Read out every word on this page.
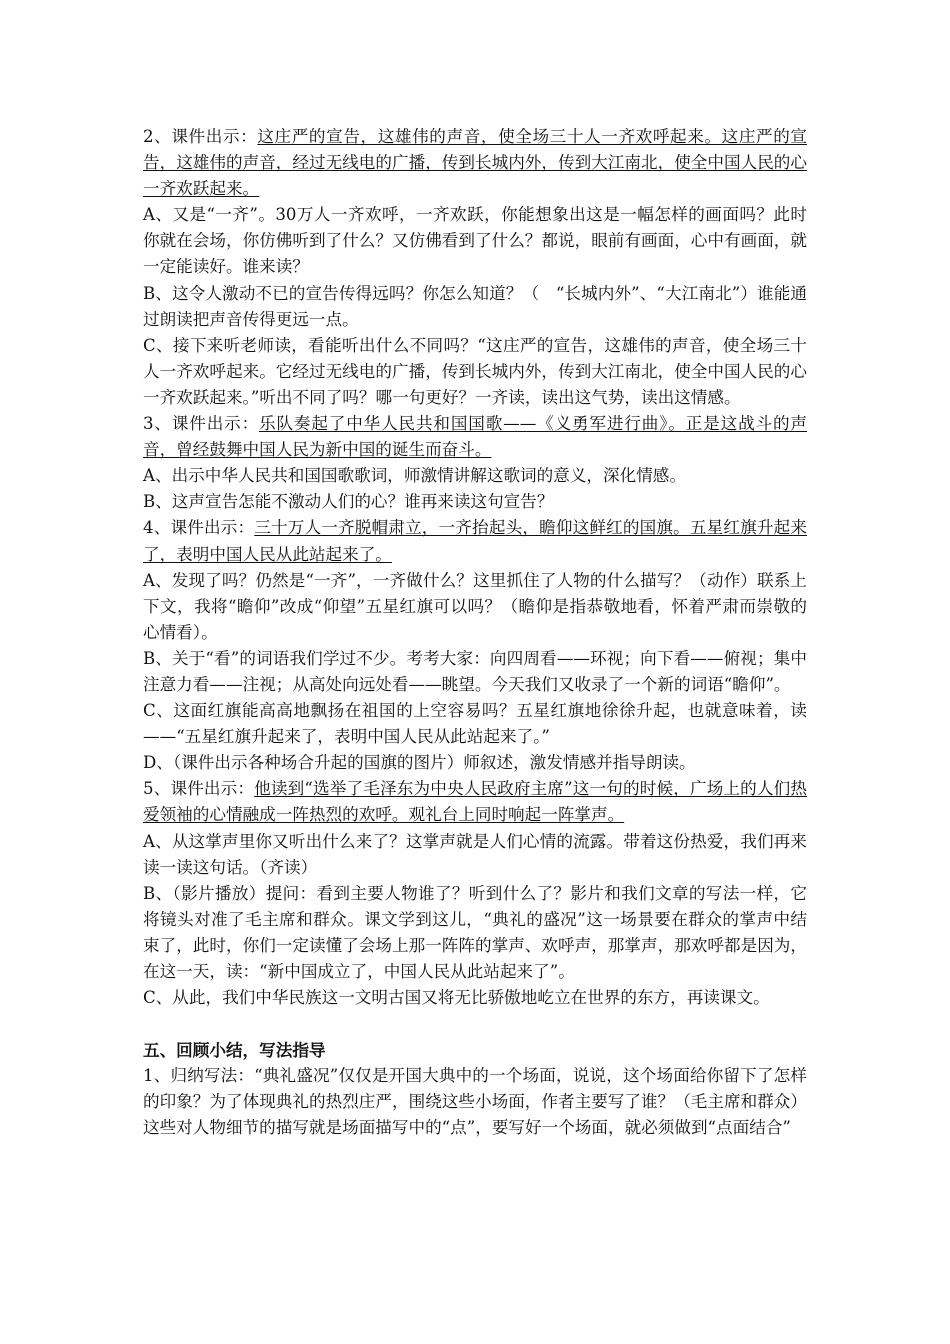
2、课件出示：这庄严的宣告，这雄伟的声音，使全场三十人一齐欢呼起来。这庄严的宣告，这雄伟的声音，经过无线电的广播，传到长城内外，传到大江南北，使全中国人民的心一齐欢跃起来。

A、又是“一齐”。30万人一齐欢呼，一齐欢跃，你能想象出这是一幅怎样的画面吗？此时你就在会场，你仿佛听到了什么？又仿佛看到了什么？都说，眼前有画面，心中有画面，就一定能读好。谁来读？

B、这令人激动不已的宣告传得远吗？你怎么知道？（　“长城内外”、“大江南北”）谁能通过朗读把声音传得更远一点。

C、接下来听老师读，看能听出什么不同吗？“这庄严的宣告，这雄伟的声音，使全场三十人一齐欢呼起来。它经过无线电的广播，传到长城内外，传到大江南北，使全中国人民的心一齐欢跃起来。”听出不同了吗？哪一句更好？一齐读，读出这气势，读出这情感。

3、课件出示：乐队奏起了中华人民共和国国歌——《义勇军进行曲》。正是这战斗的声音，曾经鼓舞中国人民为新中国的诞生而奋斗。

A、出示中华人民共和国国歌歌词，师激情讲解这歌词的意义，深化情感。

B、这声宣告怎能不激动人们的心？谁再来读这句宣告？

4、课件出示：三十万人一齐脱帽肃立，一齐抬起头，瞻仰这鲜红的国旗。五星红旗升起来了，表明中国人民从此站起来了。

A、发现了吗？仍然是“一齐”，一齐做什么？这里抓住了人物的什么描写？（动作）联系上下文，我将“瞻仰”改成“仰望”五星红旗可以吗？（瞻仰是指恭敬地看，怀着严肃而崇敬的心情看）。

B、关于“看”的词语我们学过不少。考考大家：向四周看——环视；向下看——俯视；集中注意力看——注视；从高处向远处看——眺望。今天我们又收录了一个新的词语“瞻仰”。

C、这面红旗能高高地飘扬在祖国的上空容易吗？五星红旗地徐徐升起，也就意味着，读——“五星红旗升起来了，表明中国人民从此站起来了。”

D、（课件出示各种场合升起的国旗的图片）师叙述，激发情感并指导朗读。

5、课件出示：他读到“选举了毛泽东为中央人民政府主席”这一句的时候，广场上的人们热爱领袖的心情融成一阵热烈的欢呼。观礼台上同时响起一阵掌声。

A、从这掌声里你又听出什么来了？这掌声就是人们心情的流露。带着这份热爱，我们再来读一读这句话。（齐读）

B、（影片播放）提问：看到主要人物谁了？听到什么了？影片和我们文章的写法一样，它将镜头对准了毛主席和群众。课文学到这儿，“典礼的盛况”这一场景要在群众的掌声中结束了，此时，你们一定读懂了会场上那一阵阵的掌声、欢呼声，那掌声，那欢呼都是因为，在这一天，读：“新中国成立了，中国人民从此站起来了”。

C、从此，我们中华民族这一文明古国又将无比骄傲地屹立在世界的东方，再读课文。

五、回顾小结，写法指导

1、归纳写法：“典礼盛况”仅仅是开国大典中的一个场面，说说，这个场面给你留下了怎样的印象？为了体现典礼的热烈庄严，围绕这些小场面，作者主要写了谁？（毛主席和群众）这些对人物细节的描写就是场面描写中的“点”，要写好一个场面，就必须做到“点面结合”
